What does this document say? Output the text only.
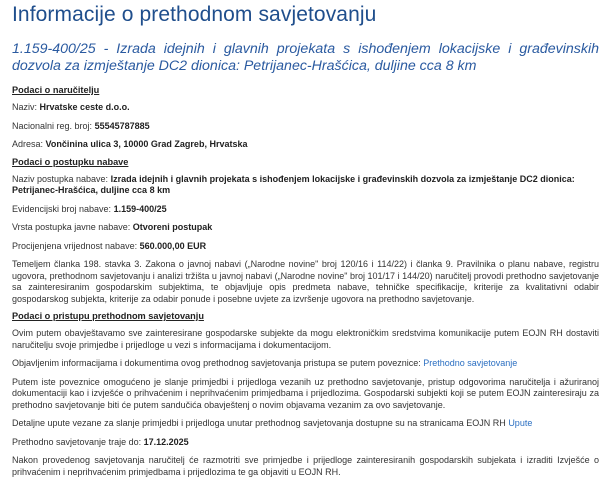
Informacije o prethodnom savjetovanju
1.159-400/25 - Izrada idejnih i glavnih projekata s ishođenjem lokacijske i građevinskih dozvola za izmještanje DC2 dionica: Petrijanec-Hrašćica, duljine cca 8 km
Podaci o naručitelju
Naziv: Hrvatske ceste d.o.o.
Nacionalni reg. broj: 55545787885
Adresa: Vončinina ulica 3, 10000 Grad Zagreb, Hrvatska
Podaci o postupku nabave
Naziv postupka nabave: Izrada idejnih i glavnih projekata s ishođenjem lokacijske i građevinskih dozvola za izmještanje DC2 dionica: Petrijanec-Hrašćica, duljine cca 8 km
Evidencijski broj nabave: 1.159-400/25
Vrsta postupka javne nabave: Otvoreni postupak
Procijenjena vrijednost nabave: 560.000,00 EUR
Temeljem članka 198. stavka 3. Zakona o javnoj nabavi („Narodne novine" broj 120/16 i 114/22) i članka 9. Pravilnika o planu nabave, registru ugovora, prethodnom savjetovanju i analizi tržišta u javnoj nabavi („Narodne novine" broj 101/17 i 144/20) naručitelj provodi prethodno savjetovanje sa zainteresiranim gospodarskim subjektima, te objavljuje opis predmeta nabave, tehničke specifikacije, kriterije za kvalitativni odabir gospodarskog subjekta, kriterije za odabir ponude i posebne uvjete za izvršenje ugovora na prethodno savjetovanje.
Podaci o pristupu prethodnom savjetovanju
Ovim putem obavještavamo sve zainteresirane gospodarske subjekte da mogu elektroničkim sredstvima komunikacije putem EOJN RH dostaviti naručitelju svoje primjedbe i prijedloge u vezi s informacijama i dokumentacijom.
Objavljenim informacijama i dokumentima ovog prethodnog savjetovanja pristupa se putem poveznice: Prethodno savjetovanje
Putem iste poveznice omogućeno je slanje primjedbi i prijedloga vezanih uz prethodno savjetovanje, pristup odgovorima naručitelja i ažuriranoj dokumentaciji kao i izvješće o prihvaćenim i neprihvaćenim primjedbama i prijedlozima. Gospodarski subjekti koji se putem EOJN zainteresiraju za prethodno savjetovanje biti će putem sandučića obavještenj o novim objavama vezanim za ovo savjetovanje.
Detaljne upute vezane za slanje primjedbi i prijedloga unutar prethodnog savjetovanja dostupne su na stranicama EOJN RH Upute
Prethodno savjetovanje traje do: 17.12.2025
Nakon provedenog savjetovanja naručitelj će razmotriti sve primjedbe i prijedloge zainteresiranih gospodarskih subjekata i izraditi Izvješće o prihvaćenim i neprihvaćenim primjedbama i prijedlozima te ga objaviti u EOJN RH.
